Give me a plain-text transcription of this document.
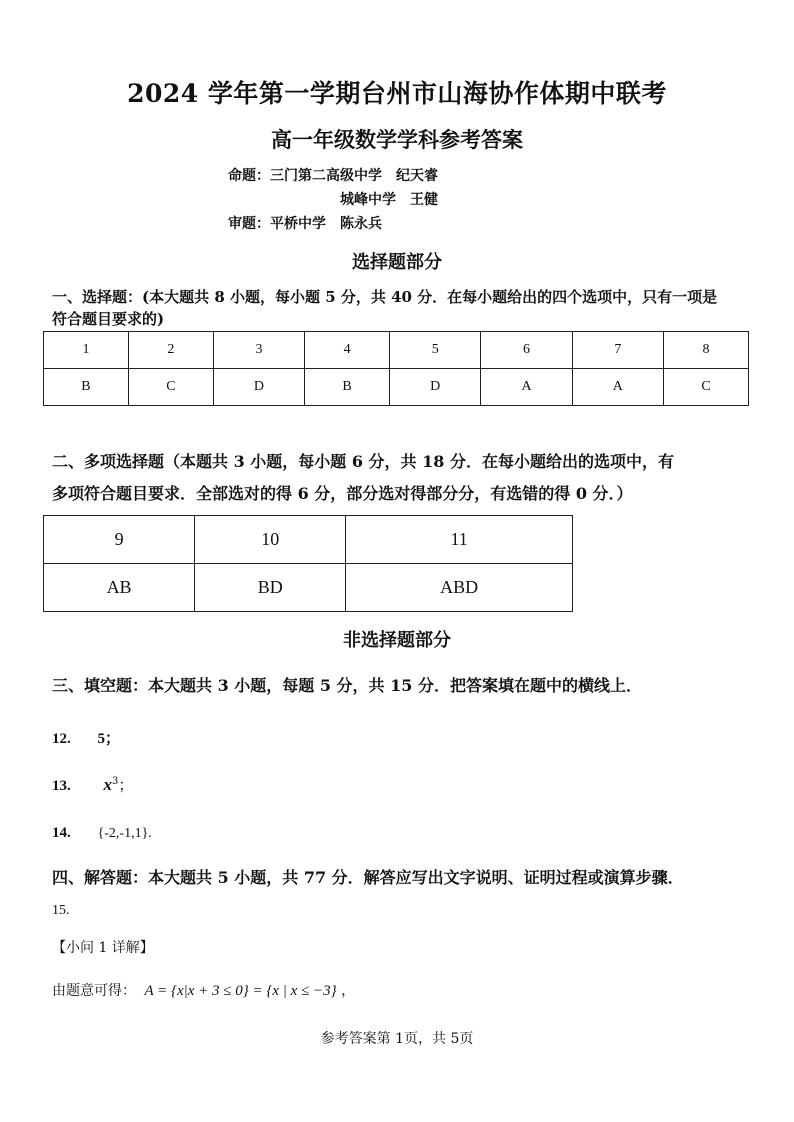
2024 学年第一学期台州市山海协作体期中联考
高一年级数学学科参考答案
命题：三门第二高级中学　纪天睿
城峰中学　王健
审题：平桥中学　陈永兵
选择题部分
一、选择题：(本大题共 8 小题，每小题 5 分，共 40 分．在每小题给出的四个选项中，只有一项是
符合题目要求的)
1	2	3	4	5	6	7	8
B	C	D	B	D	A	A	C
二、多项选择题（本题共 3 小题，每小题 6 分，共 18 分．在每小题给出的选项中，有
多项符合题目要求．全部选对的得 6 分，部分选对得部分分，有选错的得 0 分．）
9	10	11
AB	BD	ABD
非选择题部分
三、填空题：本大题共 3 小题，每题 5 分，共 15 分．把答案填在题中的横线上．
12. 5；
13. $x^3$；
14. {-2,-1,1}.
四、解答题：本大题共 5 小题，共 77 分．解答应写出文字说明、证明过程或演算步骤．
15.
【小问 1 详解】
由题意可得： A = {x|x + 3 ≤ 0} = {x | x ≤ −3} ，
参考答案第 1页，共 5页
